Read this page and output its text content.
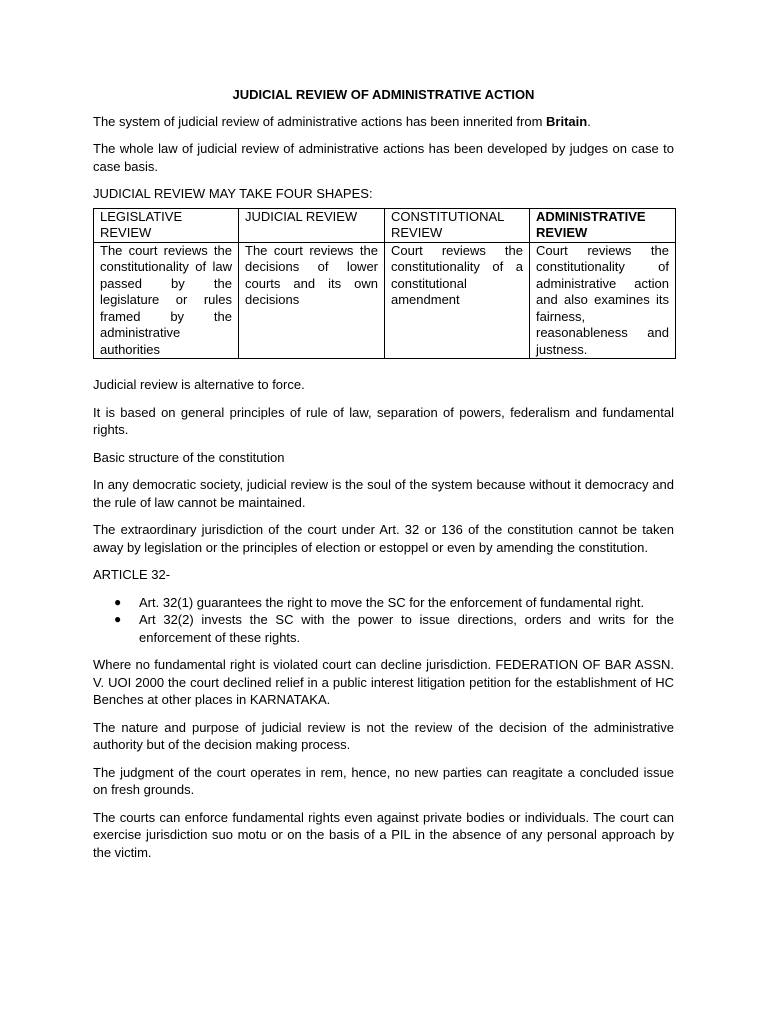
JUDICIAL REVIEW OF ADMINISTRATIVE ACTION

The system of judicial review of administrative actions has been innerited from Britain.

The whole law of judicial review of administrative actions has been developed by judges on case to case basis.

JUDICIAL REVIEW MAY TAKE FOUR SHAPES:

LEGISLATIVE REVIEW	JUDICIAL REVIEW	CONSTITUTIONAL REVIEW	ADMINISTRATIVE REVIEW
The court reviews the constitutionality of law passed by the legislature or rules framed by the administrative authorities	The court reviews the decisions of lower courts and its own decisions	Court reviews the constitutionality of a constitutional amendment	Court reviews the constitutionality of administrative action and also examines its fairness, reasonableness and justness.

Judicial review is alternative to force.

It is based on general principles of rule of law, separation of powers, federalism and fundamental rights.

Basic structure of the constitution

In any democratic society, judicial review is the soul of the system because without it democracy and the rule of law cannot be maintained.

The extraordinary jurisdiction of the court under Art. 32 or 136 of the constitution cannot be taken away by legislation or the principles of election or estoppel or even by amending the constitution.

ARTICLE 32-

● Art. 32(1) guarantees the right to move the SC for the enforcement of fundamental right.
● Art 32(2) invests the SC with the power to issue directions, orders and writs for the enforcement of these rights.

Where no fundamental right is violated court can decline jurisdiction. FEDERATION OF BAR ASSN. V. UOI 2000 the court declined relief in a public interest litigation petition for the establishment of HC Benches at other places in KARNATAKA.

The nature and purpose of judicial review is not the review of the decision of the administrative authority but of the decision making process.

The judgment of the court operates in rem, hence, no new parties can reagitate a concluded issue on fresh grounds.

The courts can enforce fundamental rights even against private bodies or individuals. The court can exercise jurisdiction suo motu or on the basis of a PIL in the absence of any personal approach by the victim.
